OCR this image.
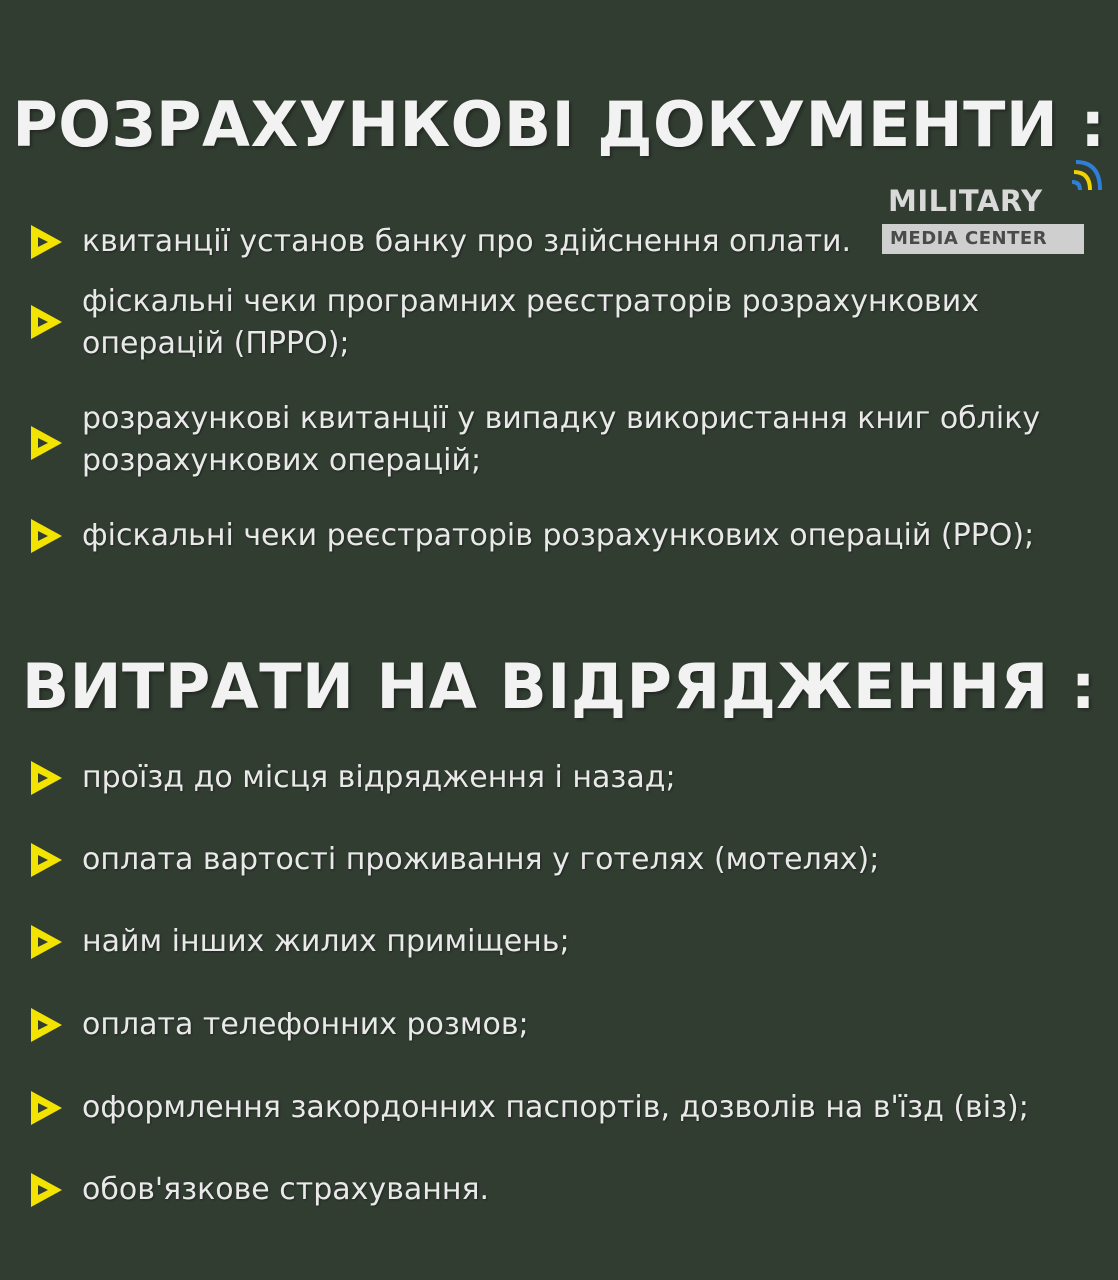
РОЗРАХУНКОВІ ДОКУМЕНТИ :
MILITARY
MEDIA CENTER
квитанції установ банку про здійснення оплати.
фіскальні чеки програмних реєстраторів розрахункових
операцій (ПРРО);
розрахункові квитанції у випадку використання книг обліку
розрахункових операцій;
фіскальні чеки реєстраторів розрахункових операцій (РРО);
ВИТРАТИ НА ВІДРЯДЖЕННЯ :
проїзд до місця відрядження і назад;
оплата вартості проживання у готелях (мотелях);
найм інших жилих приміщень;
оплата телефонних розмов;
оформлення закордонних паспортів, дозволів на в'їзд (віз);
обов'язкове страхування.
